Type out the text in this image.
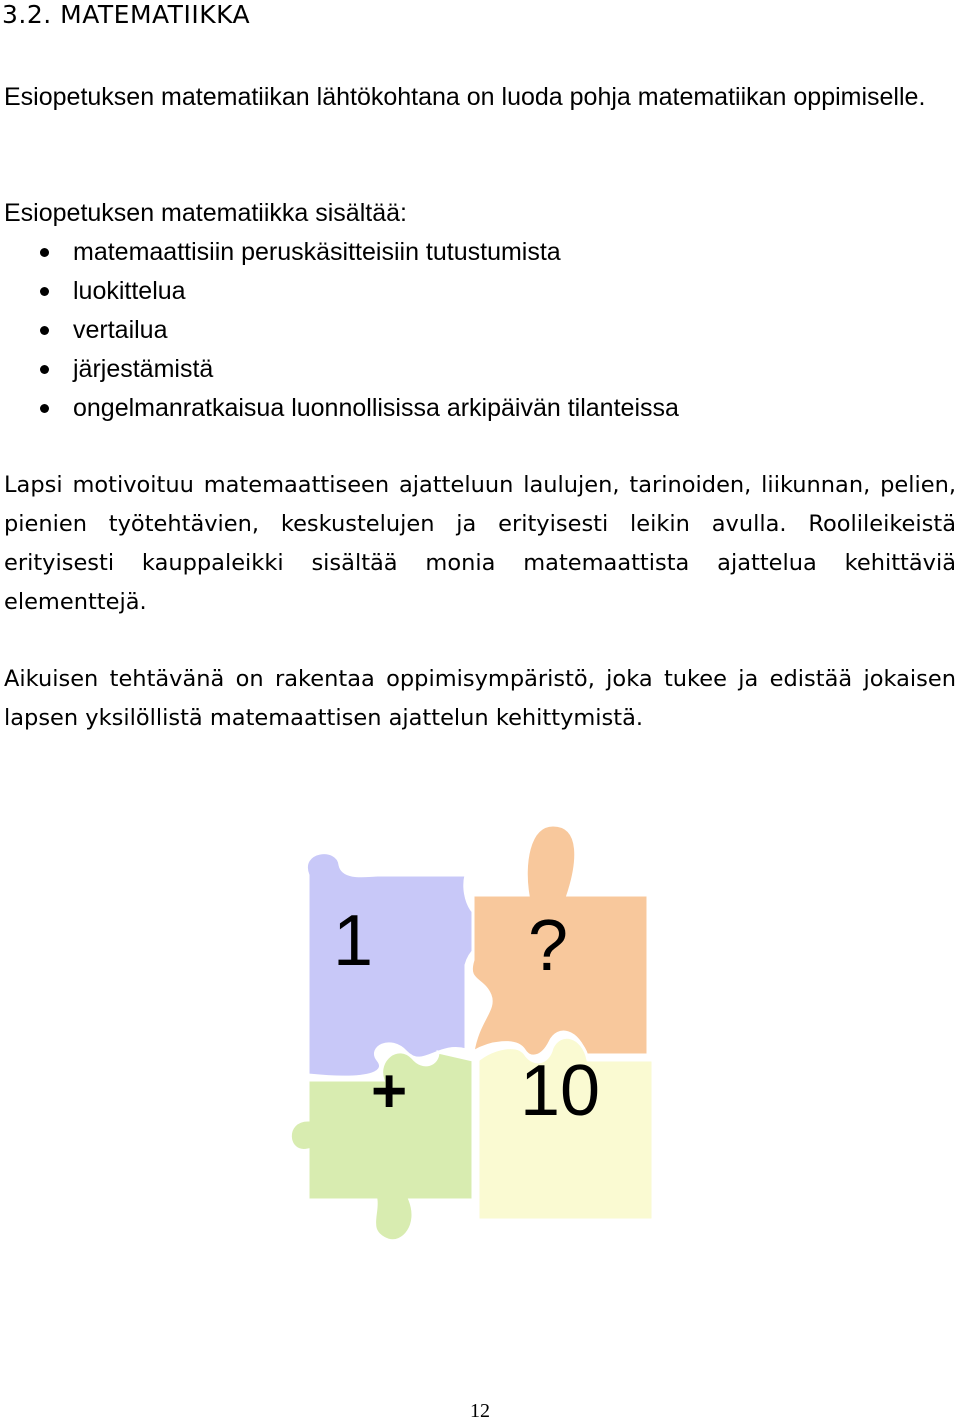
3.2. MATEMATIIKKA

Esiopetuksen matematiikan lähtökohtana on luoda pohja matematiikan oppimiselle.

Esiopetuksen matematiikka sisältää:

matemaattisiin peruskäsitteisiin tutustumista
luokittelua
vertailua
järjestämistä
ongelmanratkaisua luonnollisissa arkipäivän tilanteissa

Lapsi motivoituu matemaattiseen ajatteluun laulujen, tarinoiden, liikunnan, pelien, pienien työtehtävien, keskustelujen ja erityisesti leikin avulla. Roolileikeistä erityisesti kauppaleikki sisältää monia matemaattista ajattelua kehittäviä elementtejä.

Aikuisen tehtävänä on rakentaa oppimisympäristö, joka tukee ja edistää jokaisen lapsen yksilöllistä matemaattisen ajattelun kehittymistä.

1 ?
+ 10
12
